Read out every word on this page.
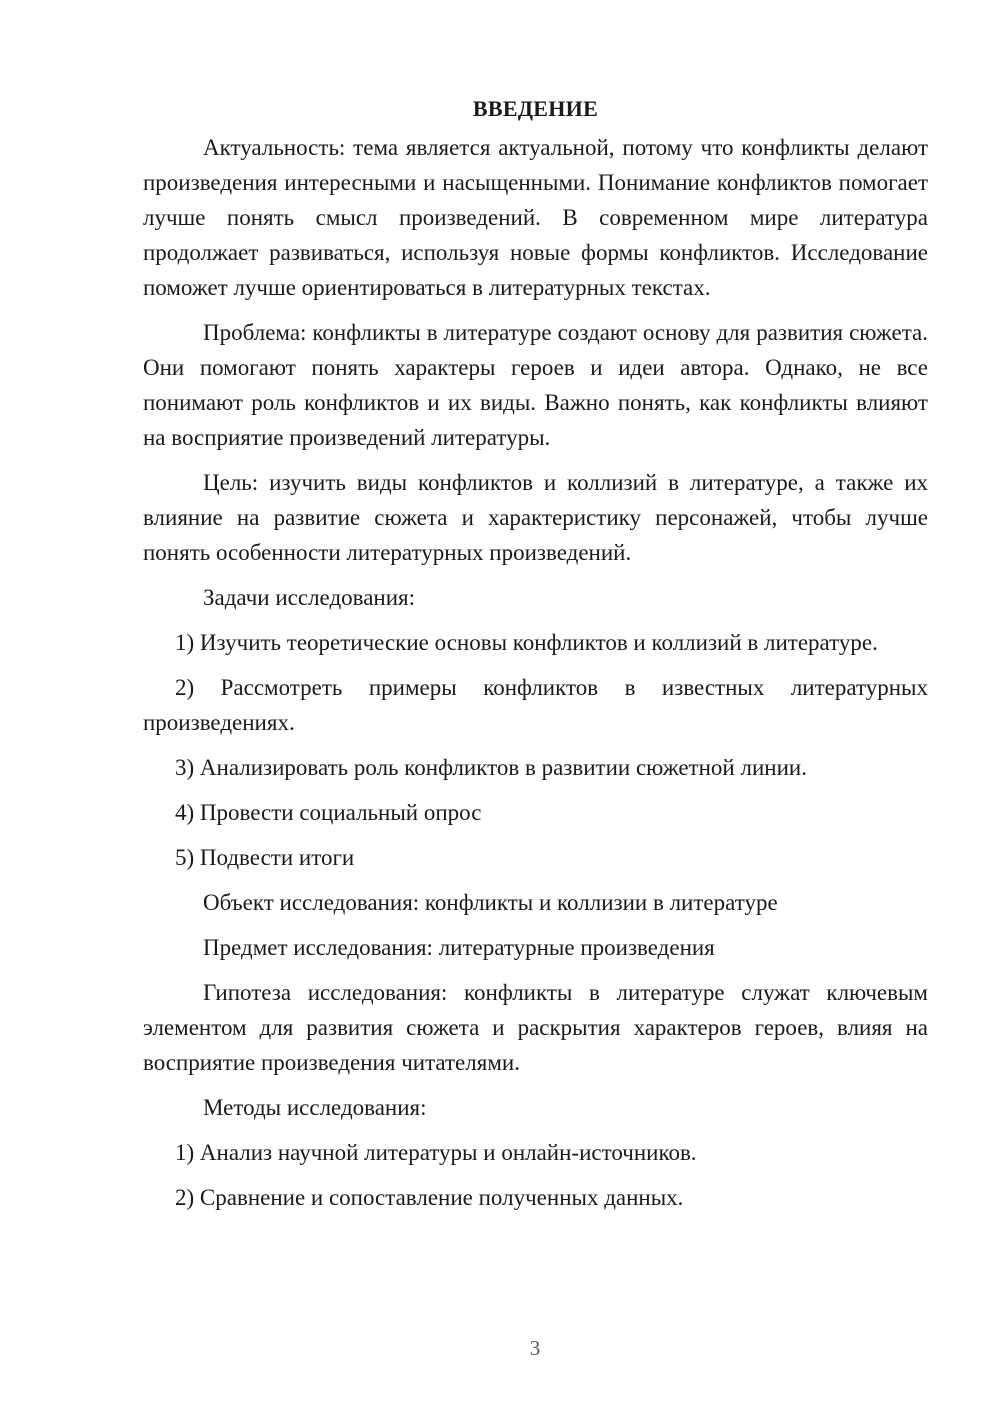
ВВЕДЕНИЕ

Актуальность: тема является актуальной, потому что конфликты делают произведения интересными и насыщенными. Понимание конфликтов помогает лучше понять смысл произведений. В современном мире литература продолжает развиваться, используя новые формы конфликтов. Исследование поможет лучше ориентироваться в литературных текстах.

Проблема: конфликты в литературе создают основу для развития сюжета. Они помогают понять характеры героев и идеи автора. Однако, не все понимают роль конфликтов и их виды. Важно понять, как конфликты влияют на восприятие произведений литературы.

Цель: изучить виды конфликтов и коллизий в литературе, а также их влияние на развитие сюжета и характеристику персонажей, чтобы лучше понять особенности литературных произведений.

Задачи исследования:

1) Изучить теоретические основы конфликтов и коллизий в литературе.

2) Рассмотреть примеры конфликтов в известных литературных произведениях.

3) Анализировать роль конфликтов в развитии сюжетной линии.

4) Провести социальный опрос

5) Подвести итоги

Объект исследования: конфликты и коллизии в литературе

Предмет исследования: литературные произведения

Гипотеза исследования: конфликты в литературе служат ключевым элементом для развития сюжета и раскрытия характеров героев, влияя на восприятие произведения читателями.

Методы исследования:

1) Анализ научной литературы и онлайн-источников.

2) Сравнение и сопоставление полученных данных.

3
